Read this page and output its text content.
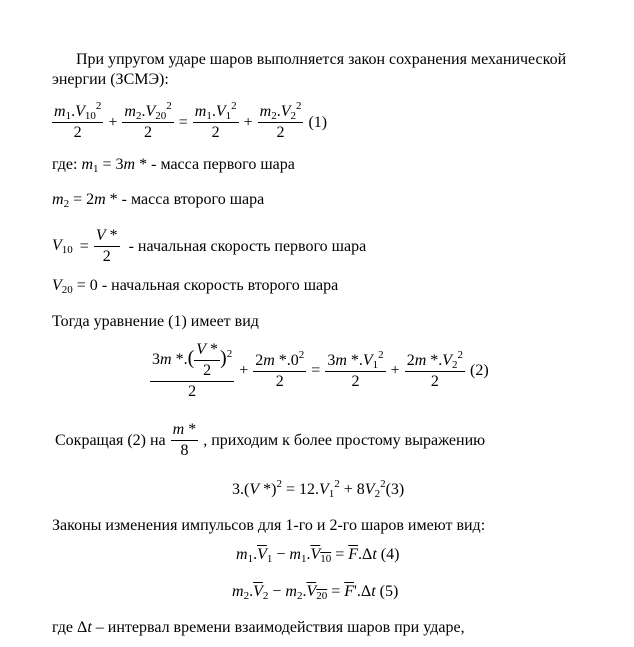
При упругом ударе шаров выполняется закон сохранения механической
энергии (ЗСМЭ):
$\frac{m_1.V_{10}^2}{2} + \frac{m_2.V_{20}^2}{2} = \frac{m_1.V_1^2}{2} + \frac{m_2.V_2^2}{2} (1)$
где: $m_1 = 3m$ * - масса первого шара
$m_2 = 2m$ * - масса второго шара
$V_{10} = \frac{V *}{2}$ - начальная скорость первого шара
$V_{20} = 0$ - начальная скорость второго шара
Тогда уравнение (1) имеет вид
$\frac{3m *.( \frac{V *}{2} )^2}{2} + \frac{2m *.0^2}{2} = \frac{3m *.V_1^2}{2} + \frac{2m *.V_2^2}{2} (2)$
Сокращая (2) на $\frac{m *}{8}$ , приходим к более простому выражению
3.(V $*)^2 = 12.V_1^2 + 8V_2^2(3)$
Законы изменения импульсов для 1-го и 2-го шаров имеют вид:
$m_1.\overline{V}_1 - m_1.V_{10} = \overline{F}.\Delta t$ (4)
$m_2.\overline{V}_2 - m_2.V_{20} = \overline{F}'.\Delta t$ (5)
где Δt – интервал времени взаимодействия шаров при ударе,
